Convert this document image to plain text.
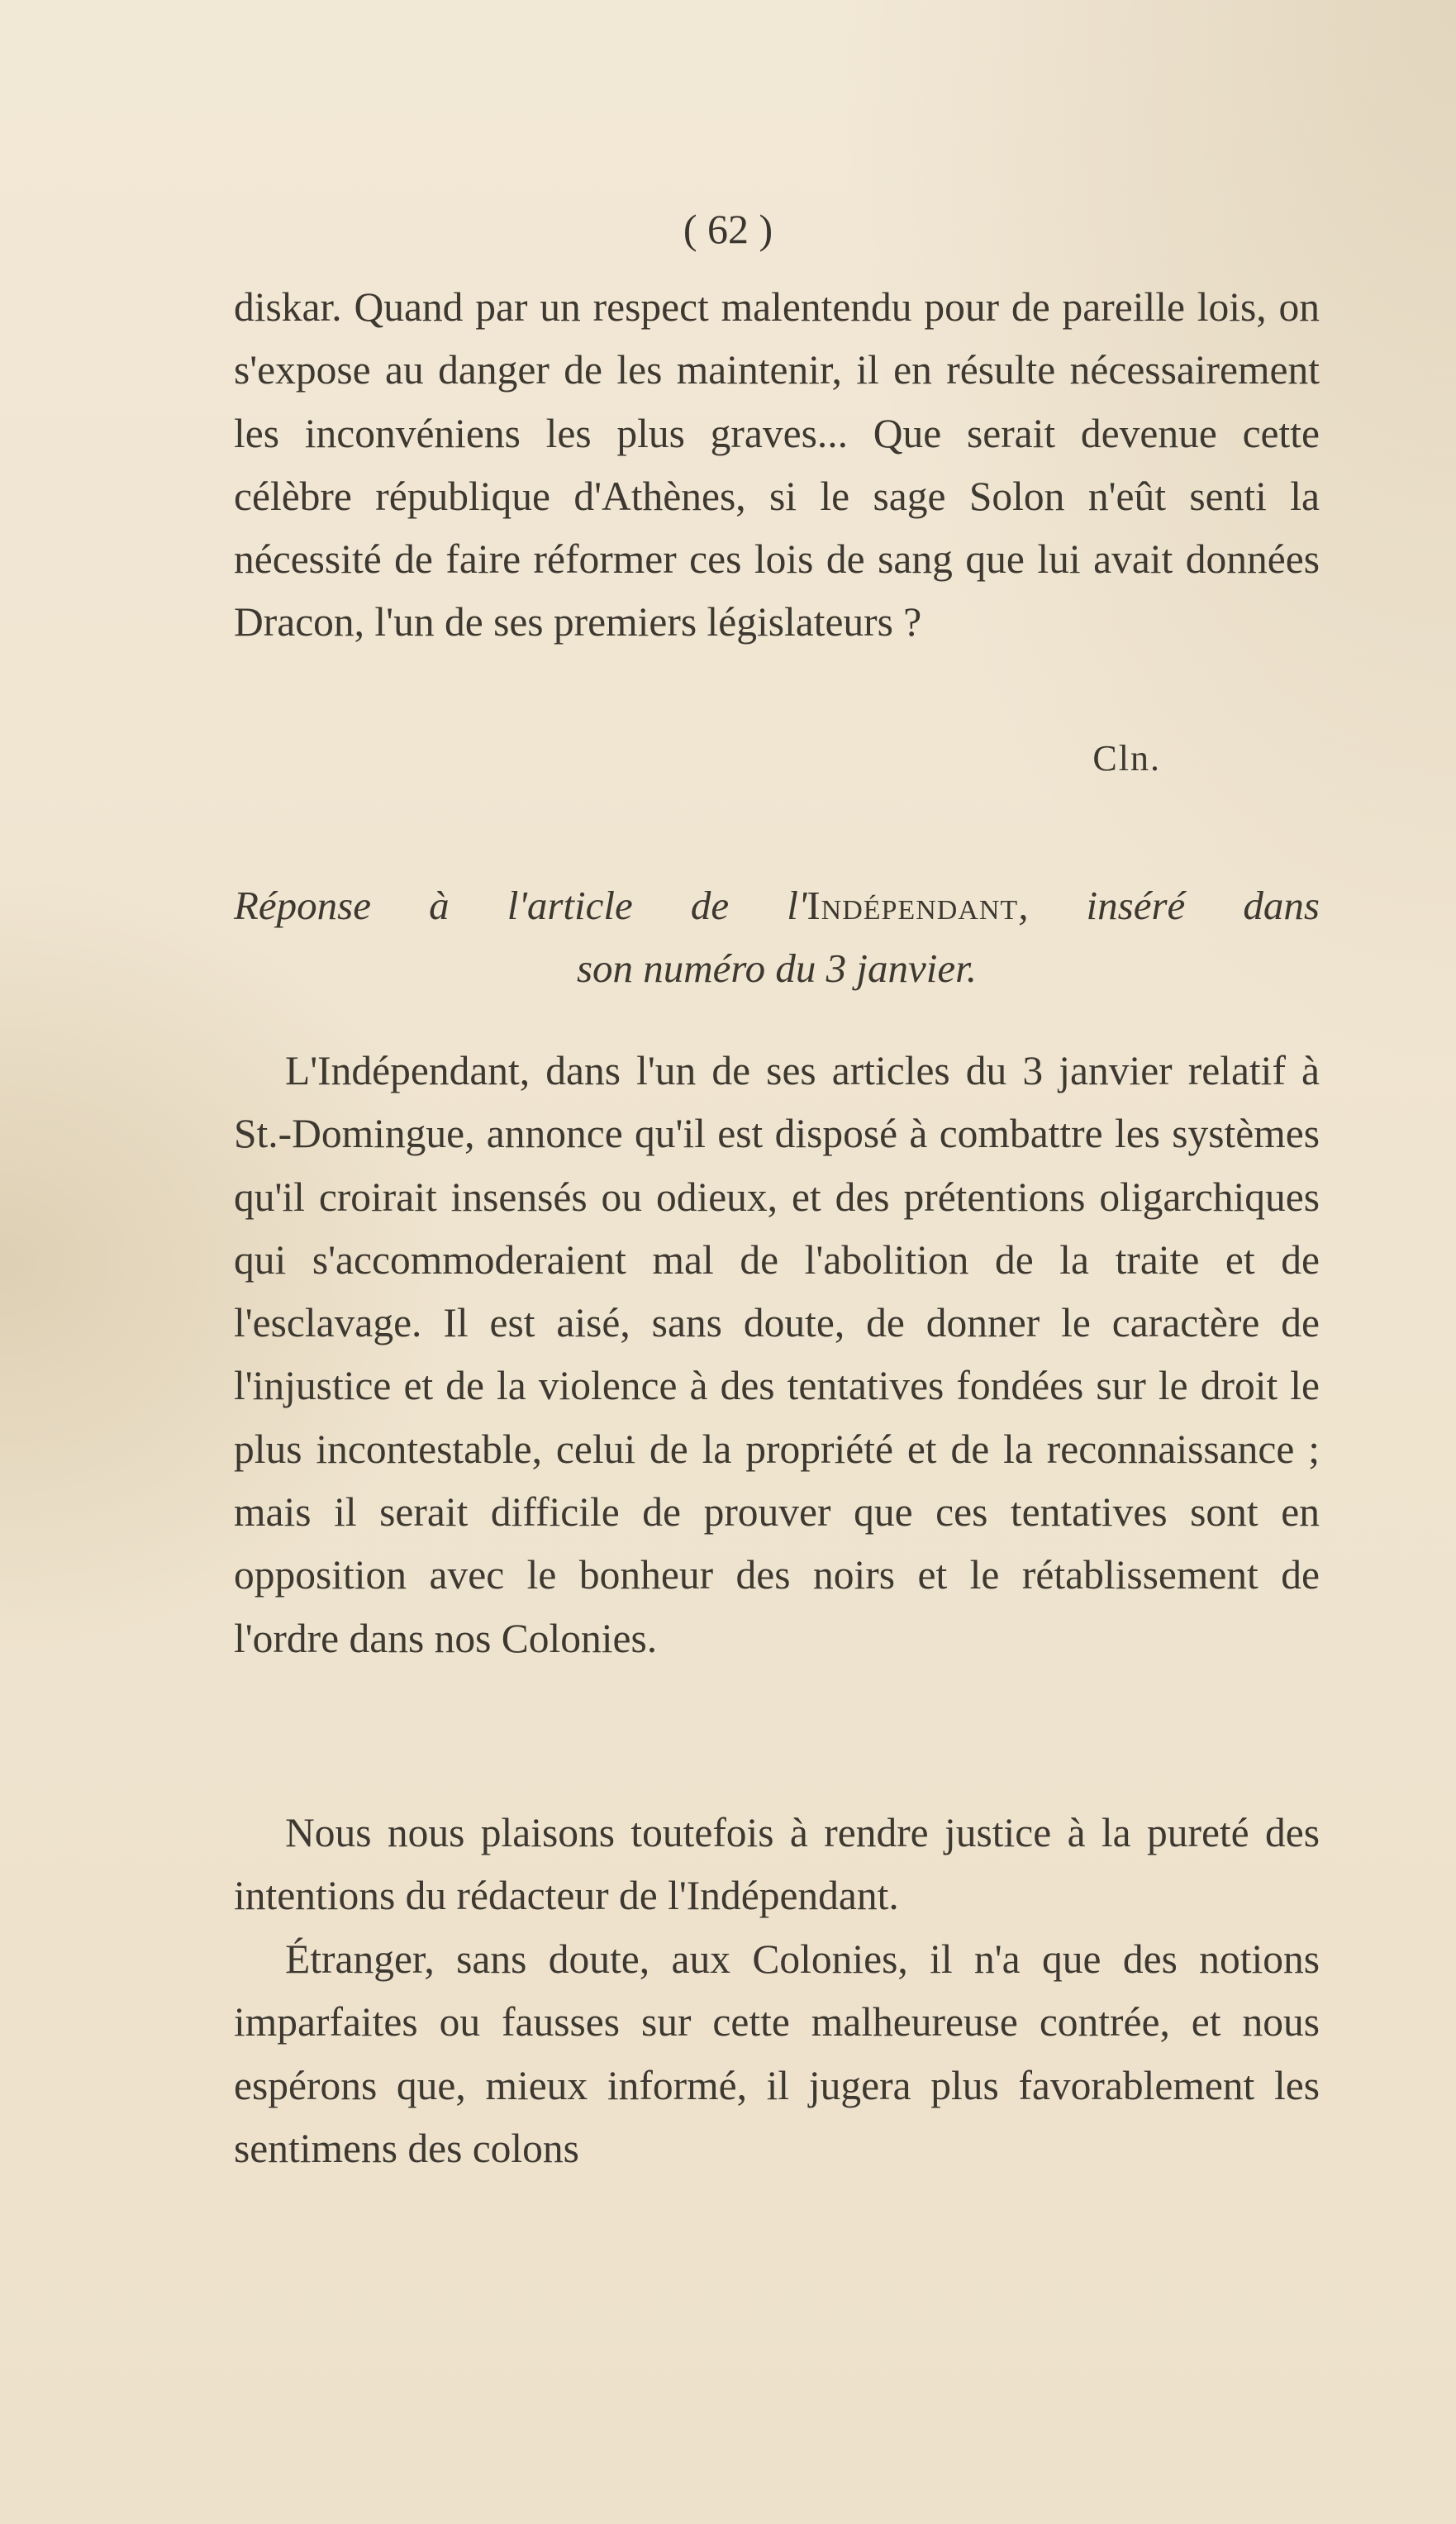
( 62 )

diskar. Quand par un respect malentendu pour de pareille lois, on s'expose au danger de les maintenir, il en résulte nécessairement les inconvéniens les plus graves... Que serait devenue cette célèbre république d'Athènes, si le sage Solon n'eût senti la nécessité de faire réformer ces lois de sang que lui avait données Dracon, l'un de ses premiers législateurs ?

Cln.
Réponse à l'article de l'Indépendant, inséré dans
son numéro du 3 janvier.

L'Indépendant, dans l'un de ses articles du 3 janvier relatif à St.-Domingue, annonce qu'il est disposé à combattre les systèmes qu'il croirait insensés ou odieux, et des prétentions oligarchiques qui s'accommoderaient mal de l'abolition de la traite et de l'esclavage. Il est aisé, sans doute, de donner le caractère de l'injustice et de la violence à des tentatives fondées sur le droit le plus incontestable, celui de la propriété et de la reconnaissance ; mais il serait difficile de prouver que ces tentatives sont en opposition avec le bonheur des noirs et le rétablissement de l'ordre dans nos Colonies.

Nous nous plaisons toutefois à rendre justice à la pureté des intentions du rédacteur de l'Indépendant.

Étranger, sans doute, aux Colonies, il n'a que des notions imparfaites ou fausses sur cette malheureuse contrée, et nous espérons que, mieux informé, il jugera plus favorablement les sentimens des colons
